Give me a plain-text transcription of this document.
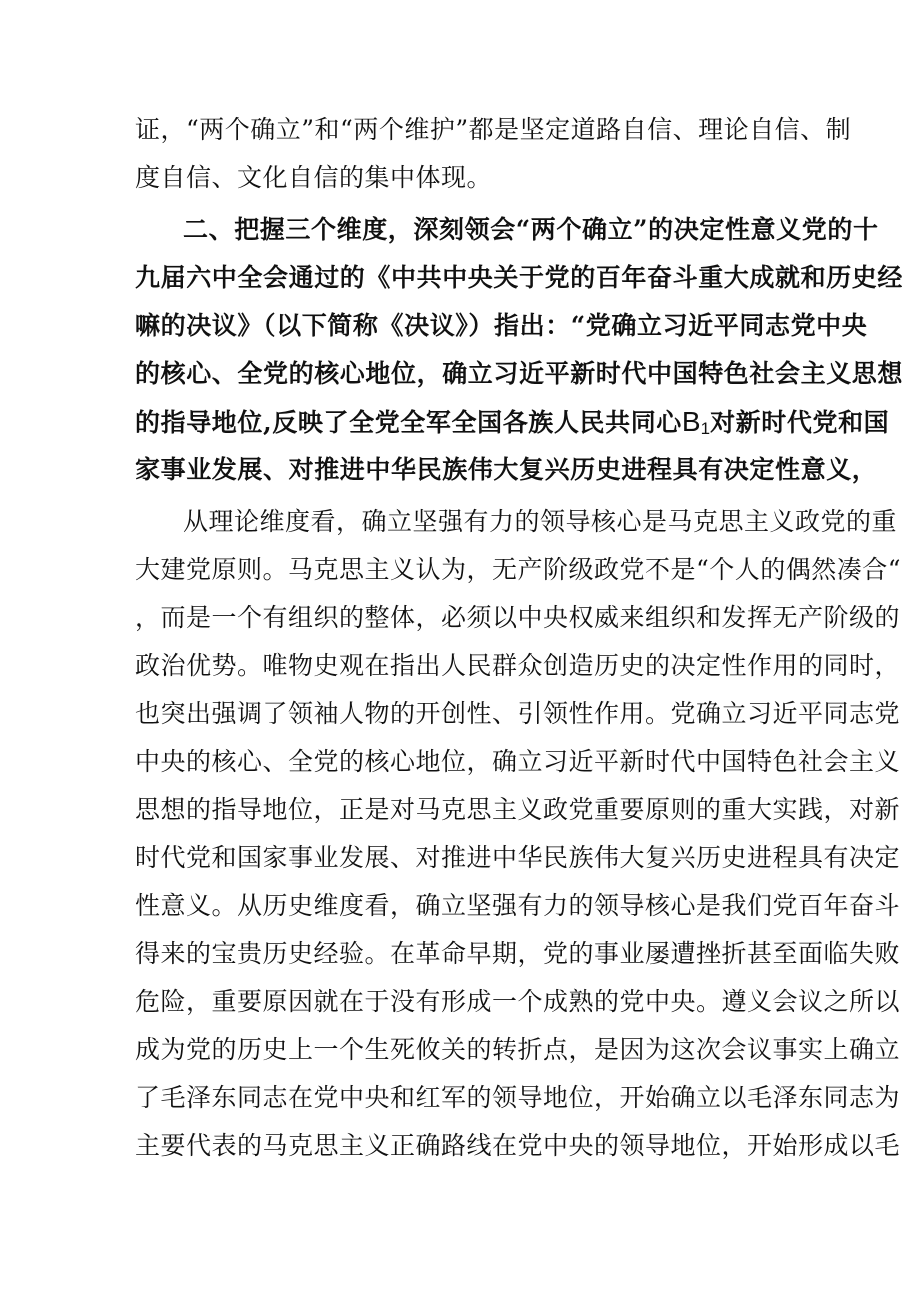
证，“两个确立”和“两个维护”都是坚定道路自信、理论自信、制
度自信、文化自信的集中体现。
二、把握三个维度，深刻领会“两个确立”的决定性意义党的十
九届六中全会通过的《中共中央关于党的百年奋斗重大成就和历史经
嘛的决议》（以下简称《决议》）指出：“党确立习近平同志党中央
的核心、全党的核心地位，确立习近平新时代中国特色社会主义思想
的指导地位,反映了全党全军全国各族人民共同心$B_1$对新时代党和国
家事业发展、对推进中华民族伟大复兴历史进程具有决定性意义，
从理论维度看，确立坚强有力的领导核心是马克思主义政党的重
大建党原则。马克思主义认为，无产阶级政党不是“个人的偶然凑合“
，而是一个有组织的整体，必须以中央权威来组织和发挥无产阶级的
政治优势。唯物史观在指出人民群众创造历史的决定性作用的同时，
也突出强调了领袖人物的开创性、引领性作用。党确立习近平同志党
中央的核心、全党的核心地位，确立习近平新时代中国特色社会主义
思想的指导地位，正是对马克思主义政党重要原则的重大实践，对新
时代党和国家事业发展、对推进中华民族伟大复兴历史进程具有决定
性意义。从历史维度看，确立坚强有力的领导核心是我们党百年奋斗
得来的宝贵历史经验。在革命早期，党的事业屡遭挫折甚至面临失败
危险，重要原因就在于没有形成一个成熟的党中央。遵义会议之所以
成为党的历史上一个生死攸关的转折点，是因为这次会议事实上确立
了毛泽东同志在党中央和红军的领导地位，开始确立以毛泽东同志为
主要代表的马克思主义正确路线在党中央的领导地位，开始形成以毛
